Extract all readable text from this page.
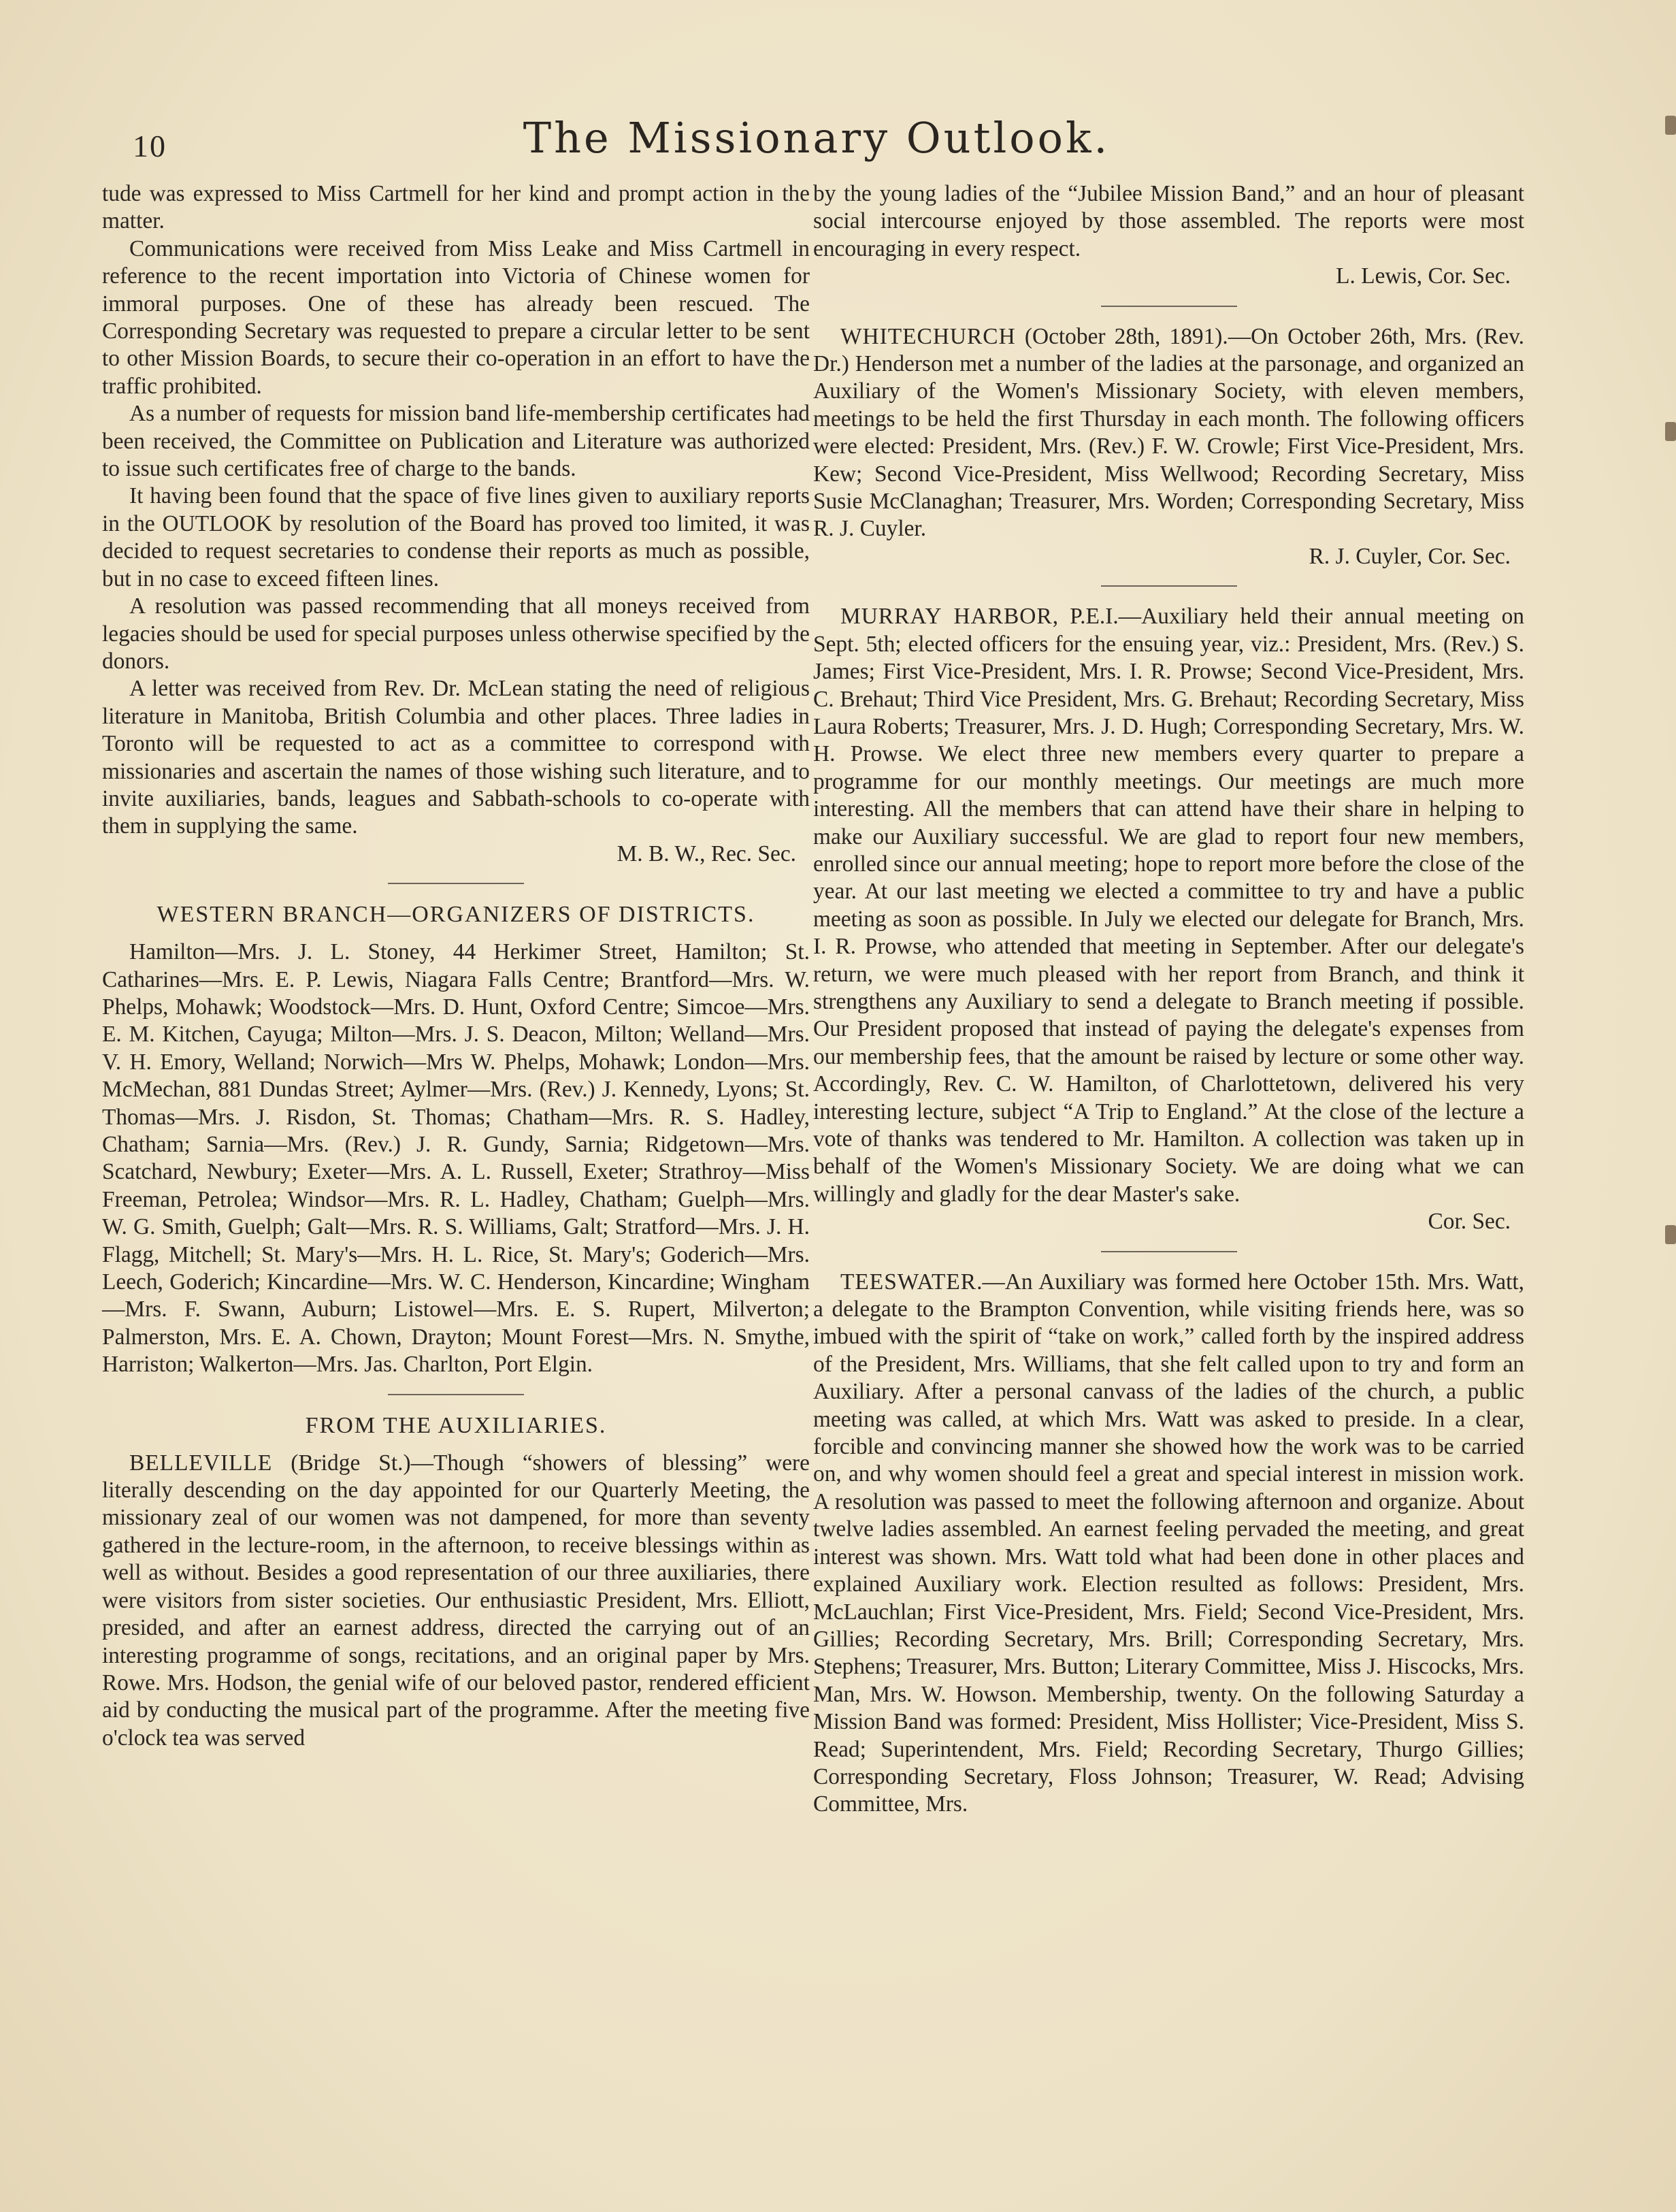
10	The Missionary Outlook.

tude was expressed to Miss Cartmell for her kind and prompt action in the matter.

Communications were received from Miss Leake and Miss Cartmell in reference to the recent importation into Victoria of Chinese women for immoral purposes. One of these has already been rescued. The Corresponding Secretary was requested to prepare a circular letter to be sent to other Mission Boards, to secure their co-operation in an effort to have the traffic prohibited.

As a number of requests for mission band life-membership certificates had been received, the Committee on Publication and Literature was authorized to issue such certificates free of charge to the bands.

It having been found that the space of five lines given to auxiliary reports in the OUTLOOK by resolution of the Board has proved too limited, it was decided to request secretaries to condense their reports as much as possible, but in no case to exceed fifteen lines.

A resolution was passed recommending that all moneys received from legacies should be used for special purposes unless otherwise specified by the donors.

A letter was received from Rev. Dr. McLean stating the need of religious literature in Manitoba, British Columbia and other places. Three ladies in Toronto will be requested to act as a committee to correspond with missionaries and ascertain the names of those wishing such literature, and to invite auxiliaries, bands, leagues and Sabbath-schools to co-operate with them in supplying the same.

M. B. W., Rec. Sec.

WESTERN BRANCH—ORGANIZERS OF DISTRICTS.

Hamilton—Mrs. J. L. Stoney, 44 Herkimer Street, Hamilton; St. Catharines—Mrs. E. P. Lewis, Niagara Falls Centre; Brantford—Mrs. W. Phelps, Mohawk; Woodstock—Mrs. D. Hunt, Oxford Centre; Simcoe—Mrs. E. M. Kitchen, Cayuga; Milton—Mrs. J. S. Deacon, Milton; Welland—Mrs. V. H. Emory, Welland; Norwich—Mrs W. Phelps, Mohawk; London—Mrs. McMechan, 881 Dundas Street; Aylmer—Mrs. (Rev.) J. Kennedy, Lyons; St. Thomas—Mrs. J. Risdon, St. Thomas; Chatham—Mrs. R. S. Hadley, Chatham; Sarnia—Mrs. (Rev.) J. R. Gundy, Sarnia; Ridgetown—Mrs. Scatchard, Newbury; Exeter—Mrs. A. L. Russell, Exeter; Strathroy—Miss Freeman, Petrolea; Windsor—Mrs. R. L. Hadley, Chatham; Guelph—Mrs. W. G. Smith, Guelph; Galt—Mrs. R. S. Williams, Galt; Stratford—Mrs. J. H. Flagg, Mitchell; St. Mary's—Mrs. H. L. Rice, St. Mary's; Goderich—Mrs. Leech, Goderich; Kincardine—Mrs. W. C. Henderson, Kincardine; Wingham—Mrs. F. Swann, Auburn; Listowel—Mrs. E. S. Rupert, Milverton; Palmerston, Mrs. E. A. Chown, Drayton; Mount Forest—Mrs. N. Smythe, Harriston; Walkerton—Mrs. Jas. Charlton, Port Elgin.

FROM THE AUXILIARIES.

BELLEVILLE (Bridge St.)—Though “showers of blessing” were literally descending on the day appointed for our Quarterly Meeting, the missionary zeal of our women was not dampened, for more than seventy gathered in the lecture-room, in the afternoon, to receive blessings within as well as without. Besides a good representation of our three auxiliaries, there were visitors from sister societies. Our enthusiastic President, Mrs. Elliott, presided, and after an earnest address, directed the carrying out of an interesting programme of songs, recitations, and an original paper by Mrs. Rowe. Mrs. Hodson, the genial wife of our beloved pastor, rendered efficient aid by conducting the musical part of the programme. After the meeting five o'clock tea was served

by the young ladies of the “Jubilee Mission Band,” and an hour of pleasant social intercourse enjoyed by those assembled. The reports were most encouraging in every respect.

L. Lewis, Cor. Sec.

WHITECHURCH (October 28th, 1891).—On October 26th, Mrs. (Rev. Dr.) Henderson met a number of the ladies at the parsonage, and organized an Auxiliary of the Women's Missionary Society, with eleven members, meetings to be held the first Thursday in each month. The following officers were elected: President, Mrs. (Rev.) F. W. Crowle; First Vice-President, Mrs. Kew; Second Vice-President, Miss Wellwood; Recording Secretary, Miss Susie McClanaghan; Treasurer, Mrs. Worden; Corresponding Secretary, Miss R. J. Cuyler.

R. J. Cuyler, Cor. Sec.

MURRAY HARBOR, P.E.I.—Auxiliary held their annual meeting on Sept. 5th; elected officers for the ensuing year, viz.: President, Mrs. (Rev.) S. James; First Vice-President, Mrs. I. R. Prowse; Second Vice-President, Mrs. C. Brehaut; Third Vice President, Mrs. G. Brehaut; Recording Secretary, Miss Laura Roberts; Treasurer, Mrs. J. D. Hugh; Corresponding Secretary, Mrs. W. H. Prowse. We elect three new members every quarter to prepare a programme for our monthly meetings. Our meetings are much more interesting. All the members that can attend have their share in helping to make our Auxiliary successful. We are glad to report four new members, enrolled since our annual meeting; hope to report more before the close of the year. At our last meeting we elected a committee to try and have a public meeting as soon as possible. In July we elected our delegate for Branch, Mrs. I. R. Prowse, who attended that meeting in September. After our delegate's return, we were much pleased with her report from Branch, and think it strengthens any Auxiliary to send a delegate to Branch meeting if possible. Our President proposed that instead of paying the delegate's expenses from our membership fees, that the amount be raised by lecture or some other way. Accordingly, Rev. C. W. Hamilton, of Charlottetown, delivered his very interesting lecture, subject “A Trip to England.” At the close of the lecture a vote of thanks was tendered to Mr. Hamilton. A collection was taken up in behalf of the Women's Missionary Society. We are doing what we can willingly and gladly for the dear Master's sake.

Cor. Sec.

TEESWATER.—An Auxiliary was formed here October 15th. Mrs. Watt, a delegate to the Brampton Convention, while visiting friends here, was so imbued with the spirit of “take on work,” called forth by the inspired address of the President, Mrs. Williams, that she felt called upon to try and form an Auxiliary. After a personal canvass of the ladies of the church, a public meeting was called, at which Mrs. Watt was asked to preside. In a clear, forcible and convincing manner she showed how the work was to be carried on, and why women should feel a great and special interest in mission work. A resolution was passed to meet the following afternoon and organize. About twelve ladies assembled. An earnest feeling pervaded the meeting, and great interest was shown. Mrs. Watt told what had been done in other places and explained Auxiliary work. Election resulted as follows: President, Mrs. McLauchlan; First Vice-President, Mrs. Field; Second Vice-President, Mrs. Gillies; Recording Secretary, Mrs. Brill; Corresponding Secretary, Mrs. Stephens; Treasurer, Mrs. Button; Literary Committee, Miss J. Hiscocks, Mrs. Man, Mrs. W. Howson. Membership, twenty. On the following Saturday a Mission Band was formed: President, Miss Hollister; Vice-President, Miss S. Read; Superintendent, Mrs. Field; Recording Secretary, Thurgo Gillies; Corresponding Secretary, Floss Johnson; Treasurer, W. Read; Advising Committee, Mrs.
